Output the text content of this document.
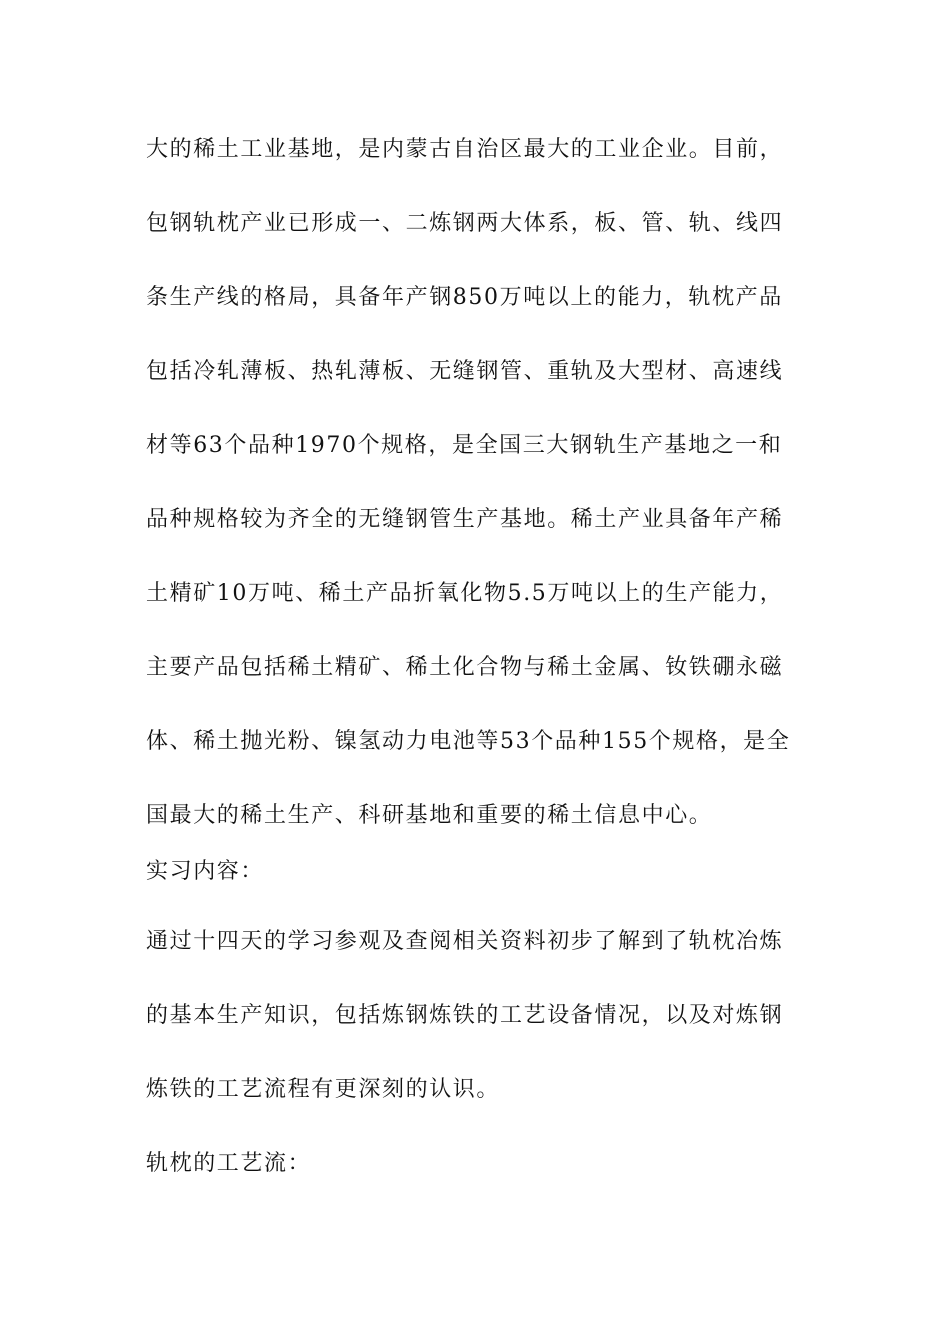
大的稀土工业基地，是内蒙古自治区最大的工业企业。目前，

包钢轨枕产业已形成一、二炼钢两大体系，板、管、轨、线四

条生产线的格局，具备年产钢850万吨以上的能力，轨枕产品

包括冷轧薄板、热轧薄板、无缝钢管、重轨及大型材、高速线

材等63个品种1970个规格，是全国三大钢轨生产基地之一和

品种规格较为齐全的无缝钢管生产基地。稀土产业具备年产稀

土精矿10万吨、稀土产品折氧化物5.5万吨以上的生产能力，

主要产品包括稀土精矿、稀土化合物与稀土金属、钕铁硼永磁

体、稀土抛光粉、镍氢动力电池等53个品种155个规格，是全

国最大的稀土生产、科研基地和重要的稀土信息中心。

实习内容：

通过十四天的学习参观及查阅相关资料初步了解到了轨枕冶炼

的基本生产知识，包括炼钢炼铁的工艺设备情况，以及对炼钢

炼铁的工艺流程有更深刻的认识。

轨枕的工艺流：
